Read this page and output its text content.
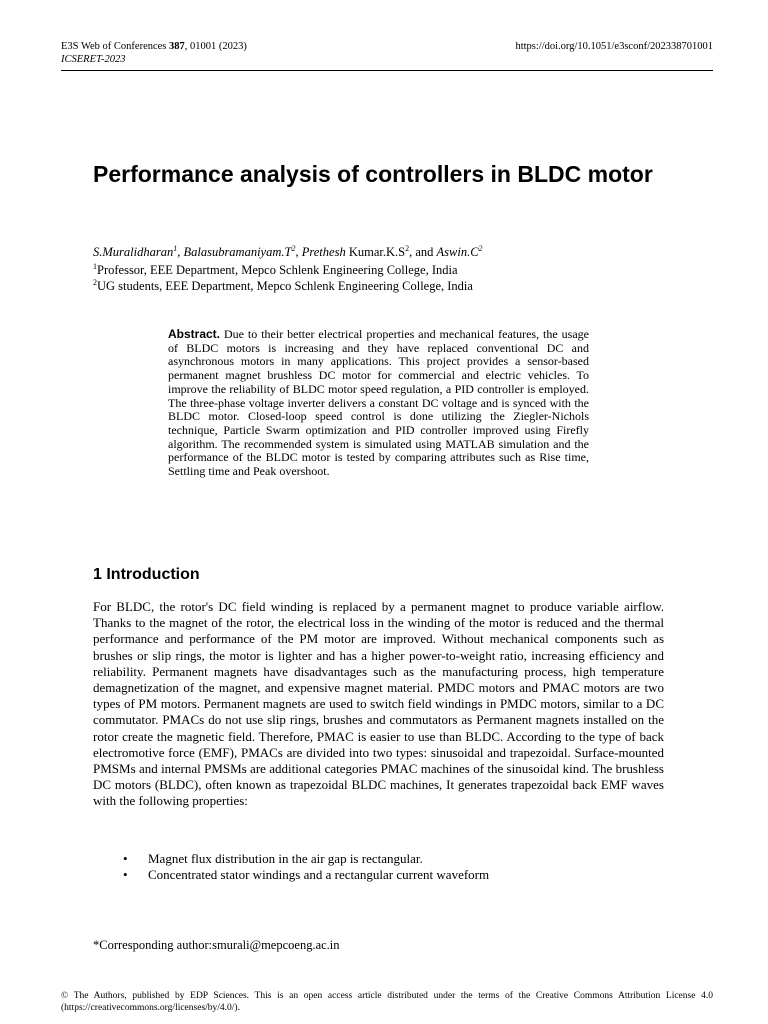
E3S Web of Conferences 387, 01001 (2023)	https://doi.org/10.1051/e3sconf/202338701001
ICSERET-2023
Performance analysis of controllers in BLDC motor
S.Muralidharan$^1$, $Balasubramaniyam.T^2$, Prethesh $Kumar.K.S^2$, and $Aswin.C^2$
$^1$Professor, EEE Department, Mepco Schlenk Engineering College, India
$^2$UG students, EEE Department, Mepco Schlenk Engineering College, India

Abstract. Due to their better electrical properties and mechanical features, the usage of BLDC motors is increasing and they have replaced conventional DC and asynchronous motors in many applications. This project provides a sensor-based permanent magnet brushless DC motor for commercial and electric vehicles. To improve the reliability of BLDC motor speed regulation, a PID controller is employed. The three-phase voltage inverter delivers a constant DC voltage and is synced with the BLDC motor. Closed-loop speed control is done utilizing the Ziegler-Nichols technique, Particle Swarm optimization and PID controller improved using Firefly algorithm. The recommended system is simulated using MATLAB simulation and the performance of the BLDC motor is tested by comparing attributes such as Rise time, Settling time and Peak overshoot.

1 Introduction

For BLDC, the rotor's DC field winding is replaced by a permanent magnet to produce variable airflow. Thanks to the magnet of the rotor, the electrical loss in the winding of the motor is reduced and the thermal performance and performance of the PM motor are improved. Without mechanical components such as brushes or slip rings, the motor is lighter and has a higher power-to-weight ratio, increasing efficiency and reliability. Permanent magnets have disadvantages such as the manufacturing process, high temperature demagnetization of the magnet, and expensive magnet material. PMDC motors and PMAC motors are two types of PM motors. Permanent magnets are used to switch field windings in PMDC motors, similar to a DC commutator. PMACs do not use slip rings, brushes and commutators as Permanent magnets installed on the rotor create the magnetic field. Therefore, PMAC is easier to use than BLDC. According to the type of back electromotive force (EMF), PMACs are divided into two types: sinusoidal and trapezoidal. Surface-mounted PMSMs and internal PMSMs are additional categories PMAC machines of the sinusoidal kind. The brushless DC motors (BLDC), often known as trapezoidal BLDC machines, It generates trapezoidal back EMF waves with the following properties:

• Magnet flux distribution in the air gap is rectangular.
• Concentrated stator windings and a rectangular current waveform
*Corresponding author:smurali@mepcoeng.ac.in
© The Authors, published by EDP Sciences. This is an open access article distributed under the terms of the Creative Commons Attribution License 4.0 (https://creativecommons.org/licenses/by/4.0/).
